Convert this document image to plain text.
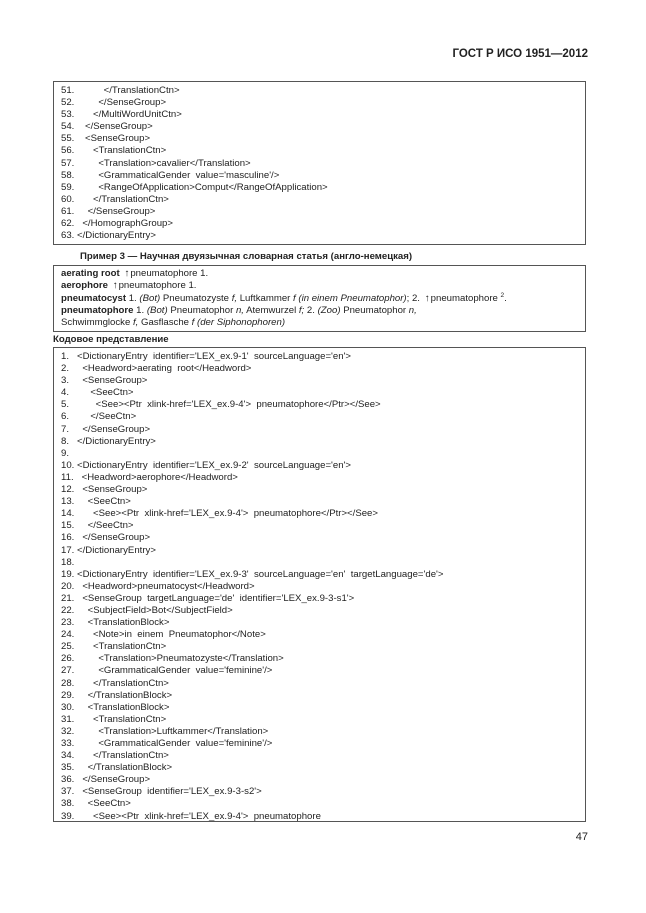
ГОСТ Р ИСО 1951—2012
51.           </TranslationCtn>
52.         </SenseGroup>
53.       </MultiWordUnitCtn>
54.    </SenseGroup>
55.    <SenseGroup>
56.       <TranslationCtn>
57.         <Translation>cavalier</Translation>
58.         <GrammaticalGender  value='masculine'/>
59.         <RangeOfApplication>Comput</RangeOfApplication>
60.       </TranslationCtn>
61.     </SenseGroup>
62.   </HomographGroup>
63. </DictionaryEntry>
Пример 3 — Научная двуязычная словарная статья (англо-немецкая)
aerating root ↑pneumatophore 1.
aerophore ↑pneumatophore 1.
pneumatocyst 1. (Bot) Pneumatozyste f, Luftkammer f (in einem Pneumatophor); 2. ↑pneumatophore $^2$.
pneumatophore 1. (Bot) Pneumatophor n, Atemwurzel f; 2. (Zoo) Pneumatophor n,
Schwimmglocke f, Gasflasche f (der Siphonophoren)
Кодовое представление
1.   <DictionaryEntry  identifier='LEX_ex.9-1'  sourceLanguage='en'>
2.     <Headword>aerating  root</Headword>
3.     <SenseGroup>
4.        <SeeCtn>
5.          <See><Ptr  xlink-href='LEX_ex.9-4'>  pneumatophore</Ptr></See>
6.        </SeeCtn>
7.     </SenseGroup>
8.   </DictionaryEntry>
9.
10. <DictionaryEntry  identifier='LEX_ex.9-2'  sourceLanguage='en'>
11.   <Headword>aerophore</Headword>
12.   <SenseGroup>
13.     <SeeCtn>
14.       <See><Ptr  xlink-href='LEX_ex.9-4'>  pneumatophore</Ptr></See>
15.     </SeeCtn>
16.   </SenseGroup>
17. </DictionaryEntry>
18.
19. <DictionaryEntry  identifier='LEX_ex.9-3'  sourceLanguage='en'  targetLanguage='de'>
20.   <Headword>pneumatocyst</Headword>
21.   <SenseGroup  targetLanguage='de'  identifier='LEX_ex.9-3-s1'>
22.     <SubjectField>Bot</SubjectField>
23.     <TranslationBlock>
24.       <Note>in  einem  Pneumatophor</Note>
25.       <TranslationCtn>
26.         <Translation>Pneumatozyste</Translation>
27.         <GrammaticalGender  value='feminine'/>
28.       </TranslationCtn>
29.     </TranslationBlock>
30.     <TranslationBlock>
31.       <TranslationCtn>
32.         <Translation>Luftkammer</Translation>
33.         <GrammaticalGender  value='feminine'/>
34.       </TranslationCtn>
35.     </TranslationBlock>
36.   </SenseGroup>
37.   <SenseGroup  identifier='LEX_ex.9-3-s2'>
38.     <SeeCtn>
39.       <See><Ptr  xlink-href='LEX_ex.9-4'>  pneumatophore
47
